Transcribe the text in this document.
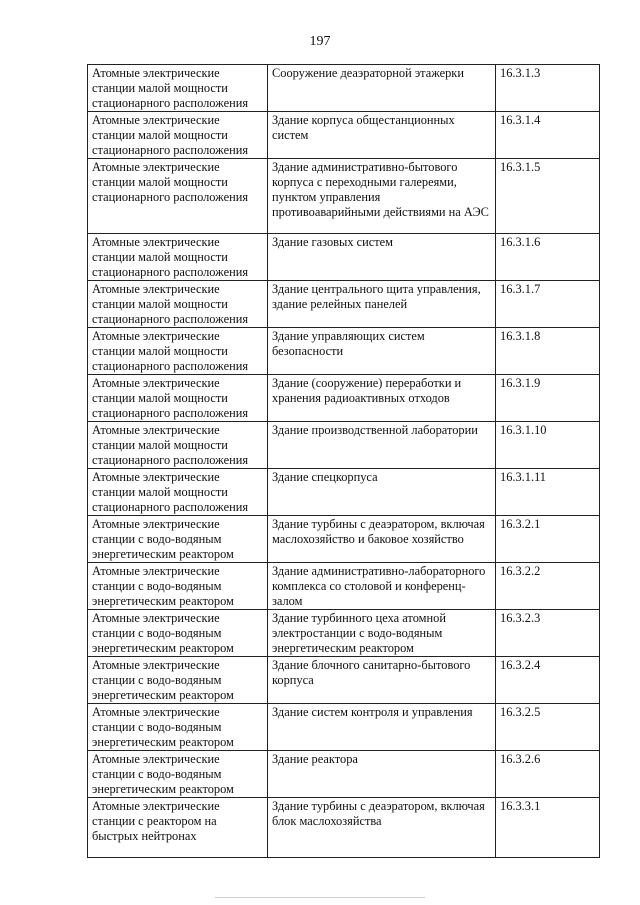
197
Атомные электрические станции малой мощности стационарного расположения	Сооружение деаэраторной этажерки	16.3.1.3
Атомные электрические станции малой мощности стационарного расположения	Здание корпуса общестанционных систем	16.3.1.4
Атомные электрические станции малой мощности стационарного расположения	Здание административно-бытового корпуса с переходными галереями, пунктом управления противоаварийными действиями на АЭС	16.3.1.5
Атомные электрические станции малой мощности стационарного расположения	Здание газовых систем	16.3.1.6
Атомные электрические станции малой мощности стационарного расположения	Здание центрального щита управления, здание релейных панелей	16.3.1.7
Атомные электрические станции малой мощности стационарного расположения	Здание управляющих систем безопасности	16.3.1.8
Атомные электрические станции малой мощности стационарного расположения	Здание (сооружение) переработки и хранения радиоактивных отходов	16.3.1.9
Атомные электрические станции малой мощности стационарного расположения	Здание производственной лаборатории	16.3.1.10
Атомные электрические станции малой мощности стационарного расположения	Здание спецкорпуса	16.3.1.11
Атомные электрические станции с водо-водяным энергетическим реактором	Здание турбины с деаэратором, включая маслохозяйство и баковое хозяйство	16.3.2.1
Атомные электрические станции с водо-водяным энергетическим реактором	Здание административно-лабораторного комплекса со столовой и конференц-залом	16.3.2.2
Атомные электрические станции с водо-водяным энергетическим реактором	Здание турбинного цеха атомной электростанции с водо-водяным энергетическим реактором	16.3.2.3
Атомные электрические станции с водо-водяным энергетическим реактором	Здание блочного санитарно-бытового корпуса	16.3.2.4
Атомные электрические станции с водо-водяным энергетическим реактором	Здание систем контроля и управления	16.3.2.5
Атомные электрические станции с водо-водяным энергетическим реактором	Здание реактора	16.3.2.6
Атомные электрические станции с реактором на быстрых нейтронах	Здание турбины с деаэратором, включая блок маслохозяйства	16.3.3.1
